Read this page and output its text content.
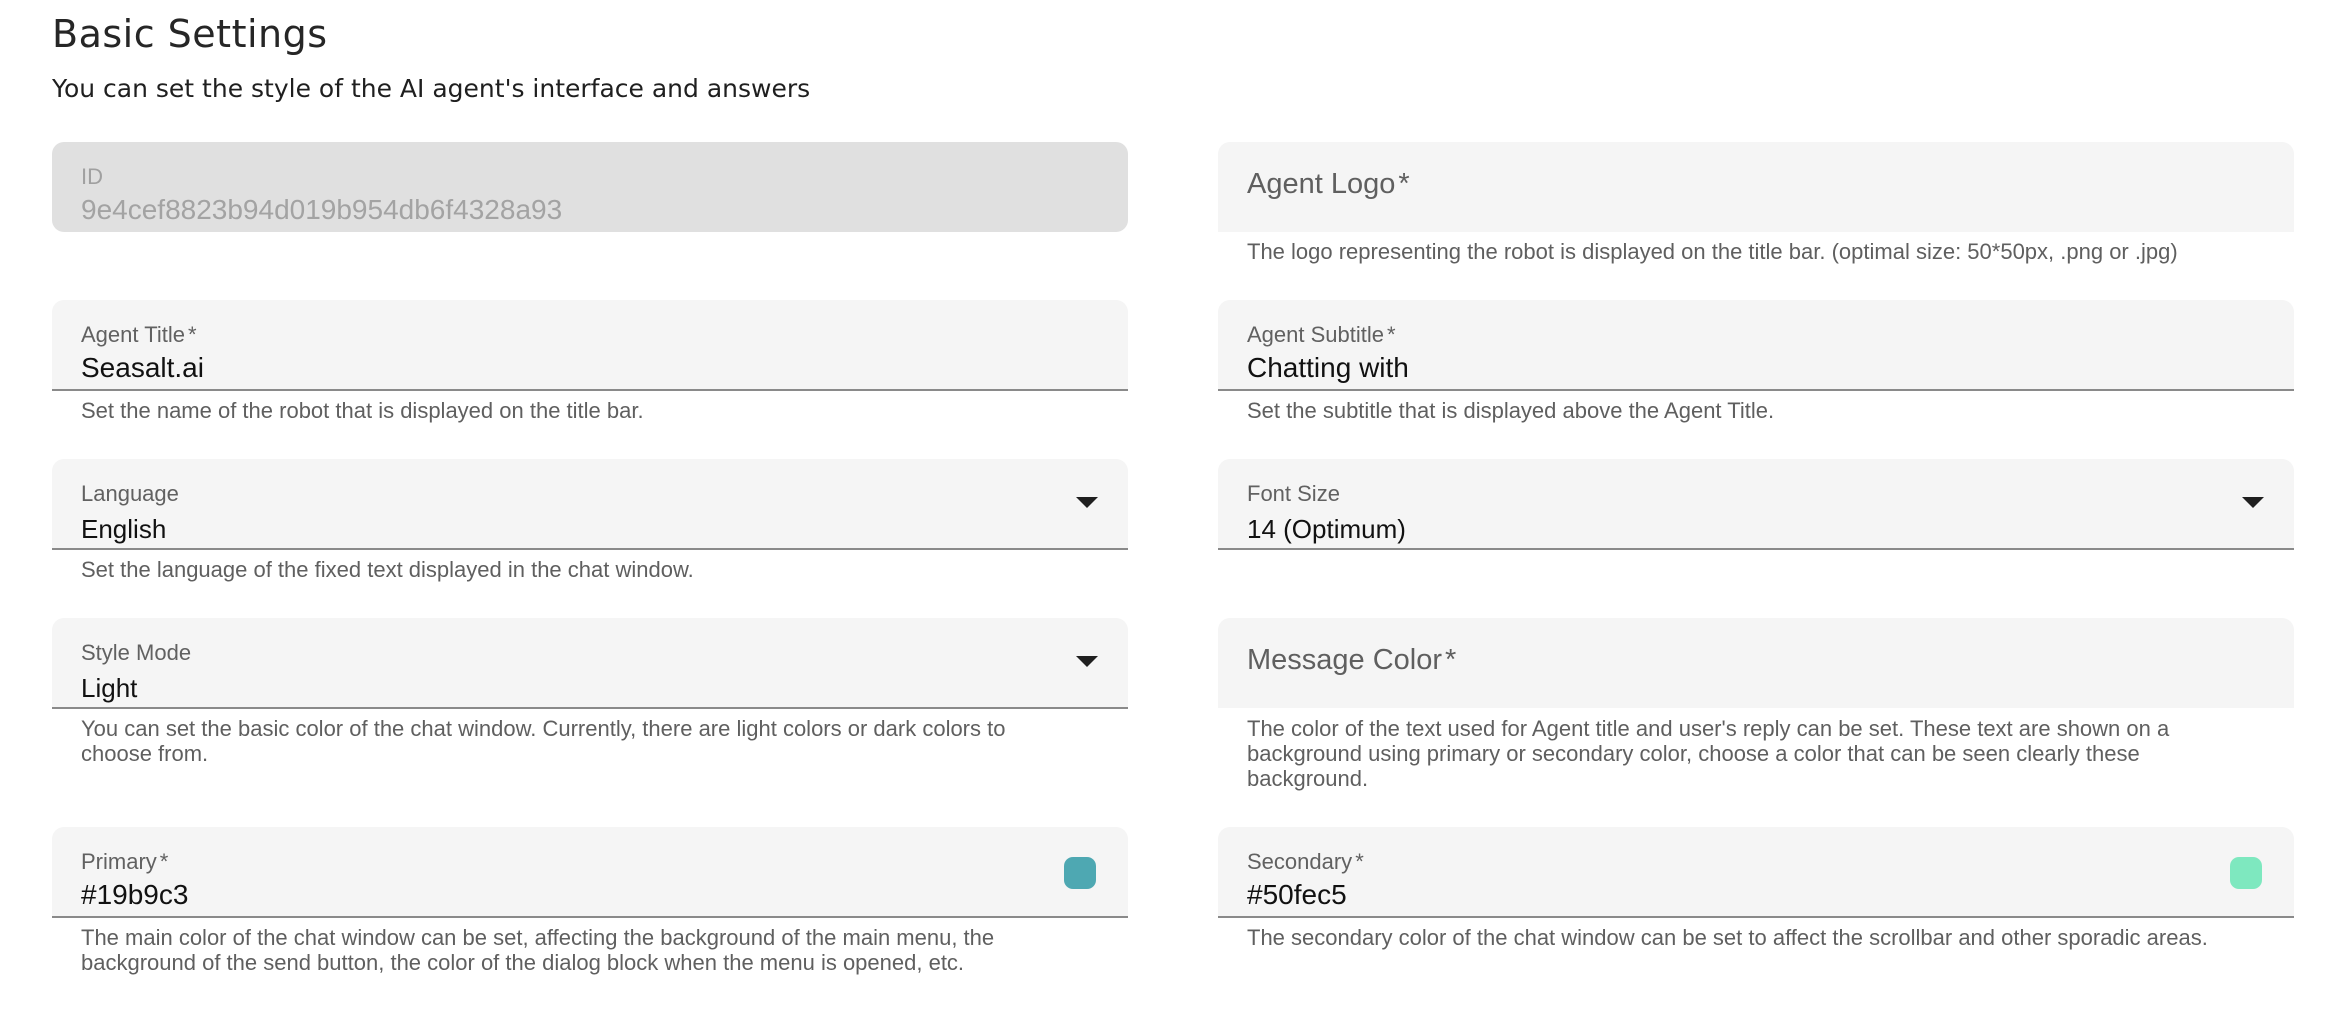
Basic Settings
You can set the style of the AI agent's interface and answers
ID
9e4cef8823b94d019b954db6f4328a93
Agent Logo *
The logo representing the robot is displayed on the title bar. (optimal size: 50*50px, .png or .jpg)
Agent Title *
Seasalt.ai
Set the name of the robot that is displayed on the title bar.
Agent Subtitle *
Chatting with
Set the subtitle that is displayed above the Agent Title.
Language
English
Set the language of the fixed text displayed in the chat window.
Font Size
14 (Optimum)
Style Mode
Light
You can set the basic color of the chat window. Currently, there are light colors or dark colors to choose from.
Message Color *
The color of the text used for Agent title and user's reply can be set. These text are shown on a background using primary or secondary color, choose a color that can be seen clearly these background.
Primary *
#19b9c3
The main color of the chat window can be set, affecting the background of the main menu, the background of the send button, the color of the dialog block when the menu is opened, etc.
Secondary *
#50fec5
The secondary color of the chat window can be set to affect the scrollbar and other sporadic areas.
